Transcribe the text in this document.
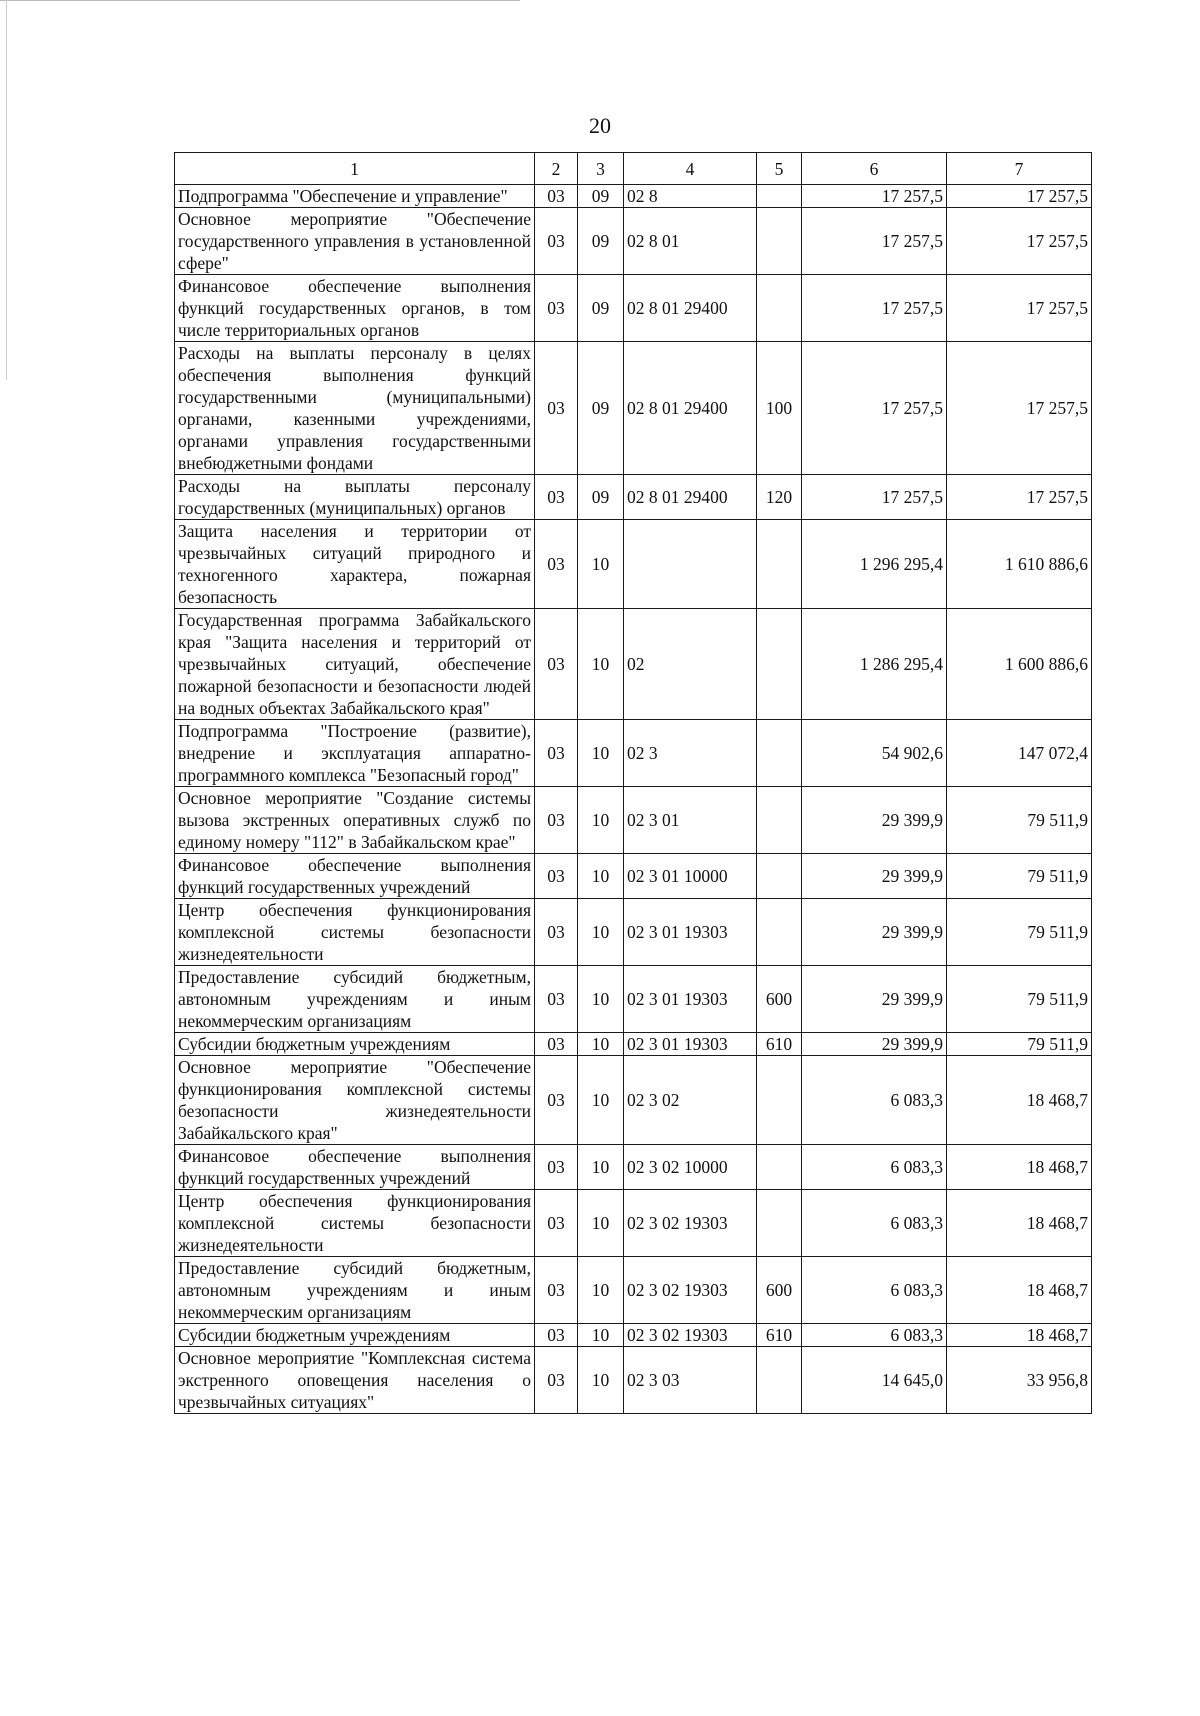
20
1	2	3	4	5	6	7
Подпрограмма "Обеспечение и управление"	03	09	02 8		17 257,5	17 257,5
Основное мероприятие "Обеспечение государственного управления в установленной сфере"	03	09	02 8 01		17 257,5	17 257,5
Финансовое обеспечение выполнения функций государственных органов, в том числе территориальных органов	03	09	02 8 01 29400		17 257,5	17 257,5
Расходы на выплаты персоналу в целях обеспечения выполнения функций государственными (муниципальными) органами, казенными учреждениями, органами управления государственными внебюджетными фондами	03	09	02 8 01 29400	100	17 257,5	17 257,5
Расходы на выплаты персоналу государственных (муниципальных) органов	03	09	02 8 01 29400	120	17 257,5	17 257,5
Защита населения и территории от чрезвычайных ситуаций природного и техногенного характера, пожарная безопасность	03	10			1 296 295,4	1 610 886,6
Государственная программа Забайкальского края "Защита населения и территорий от чрезвычайных ситуаций, обеспечение пожарной безопасности и безопасности людей на водных объектах Забайкальского края"	03	10	02		1 286 295,4	1 600 886,6
Подпрограмма "Построение (развитие), внедрение и эксплуатация аппаратно-программного комплекса "Безопасный город"	03	10	02 3		54 902,6	147 072,4
Основное мероприятие "Создание системы вызова экстренных оперативных служб по единому номеру "112" в Забайкальском крае"	03	10	02 3 01		29 399,9	79 511,9
Финансовое обеспечение выполнения функций государственных учреждений	03	10	02 3 01 10000		29 399,9	79 511,9
Центр обеспечения функционирования комплексной системы безопасности жизнедеятельности	03	10	02 3 01 19303		29 399,9	79 511,9
Предоставление субсидий бюджетным, автономным учреждениям и иным некоммерческим организациям	03	10	02 3 01 19303	600	29 399,9	79 511,9
Субсидии бюджетным учреждениям	03	10	02 3 01 19303	610	29 399,9	79 511,9
Основное мероприятие "Обеспечение функционирования комплексной системы безопасности жизнедеятельности Забайкальского края"	03	10	02 3 02		6 083,3	18 468,7
Финансовое обеспечение выполнения функций государственных учреждений	03	10	02 3 02 10000		6 083,3	18 468,7
Центр обеспечения функционирования комплексной системы безопасности жизнедеятельности	03	10	02 3 02 19303		6 083,3	18 468,7
Предоставление субсидий бюджетным, автономным учреждениям и иным некоммерческим организациям	03	10	02 3 02 19303	600	6 083,3	18 468,7
Субсидии бюджетным учреждениям	03	10	02 3 02 19303	610	6 083,3	18 468,7
Основное мероприятие "Комплексная система экстренного оповещения населения о чрезвычайных ситуациях"	03	10	02 3 03		14 645,0	33 956,8
